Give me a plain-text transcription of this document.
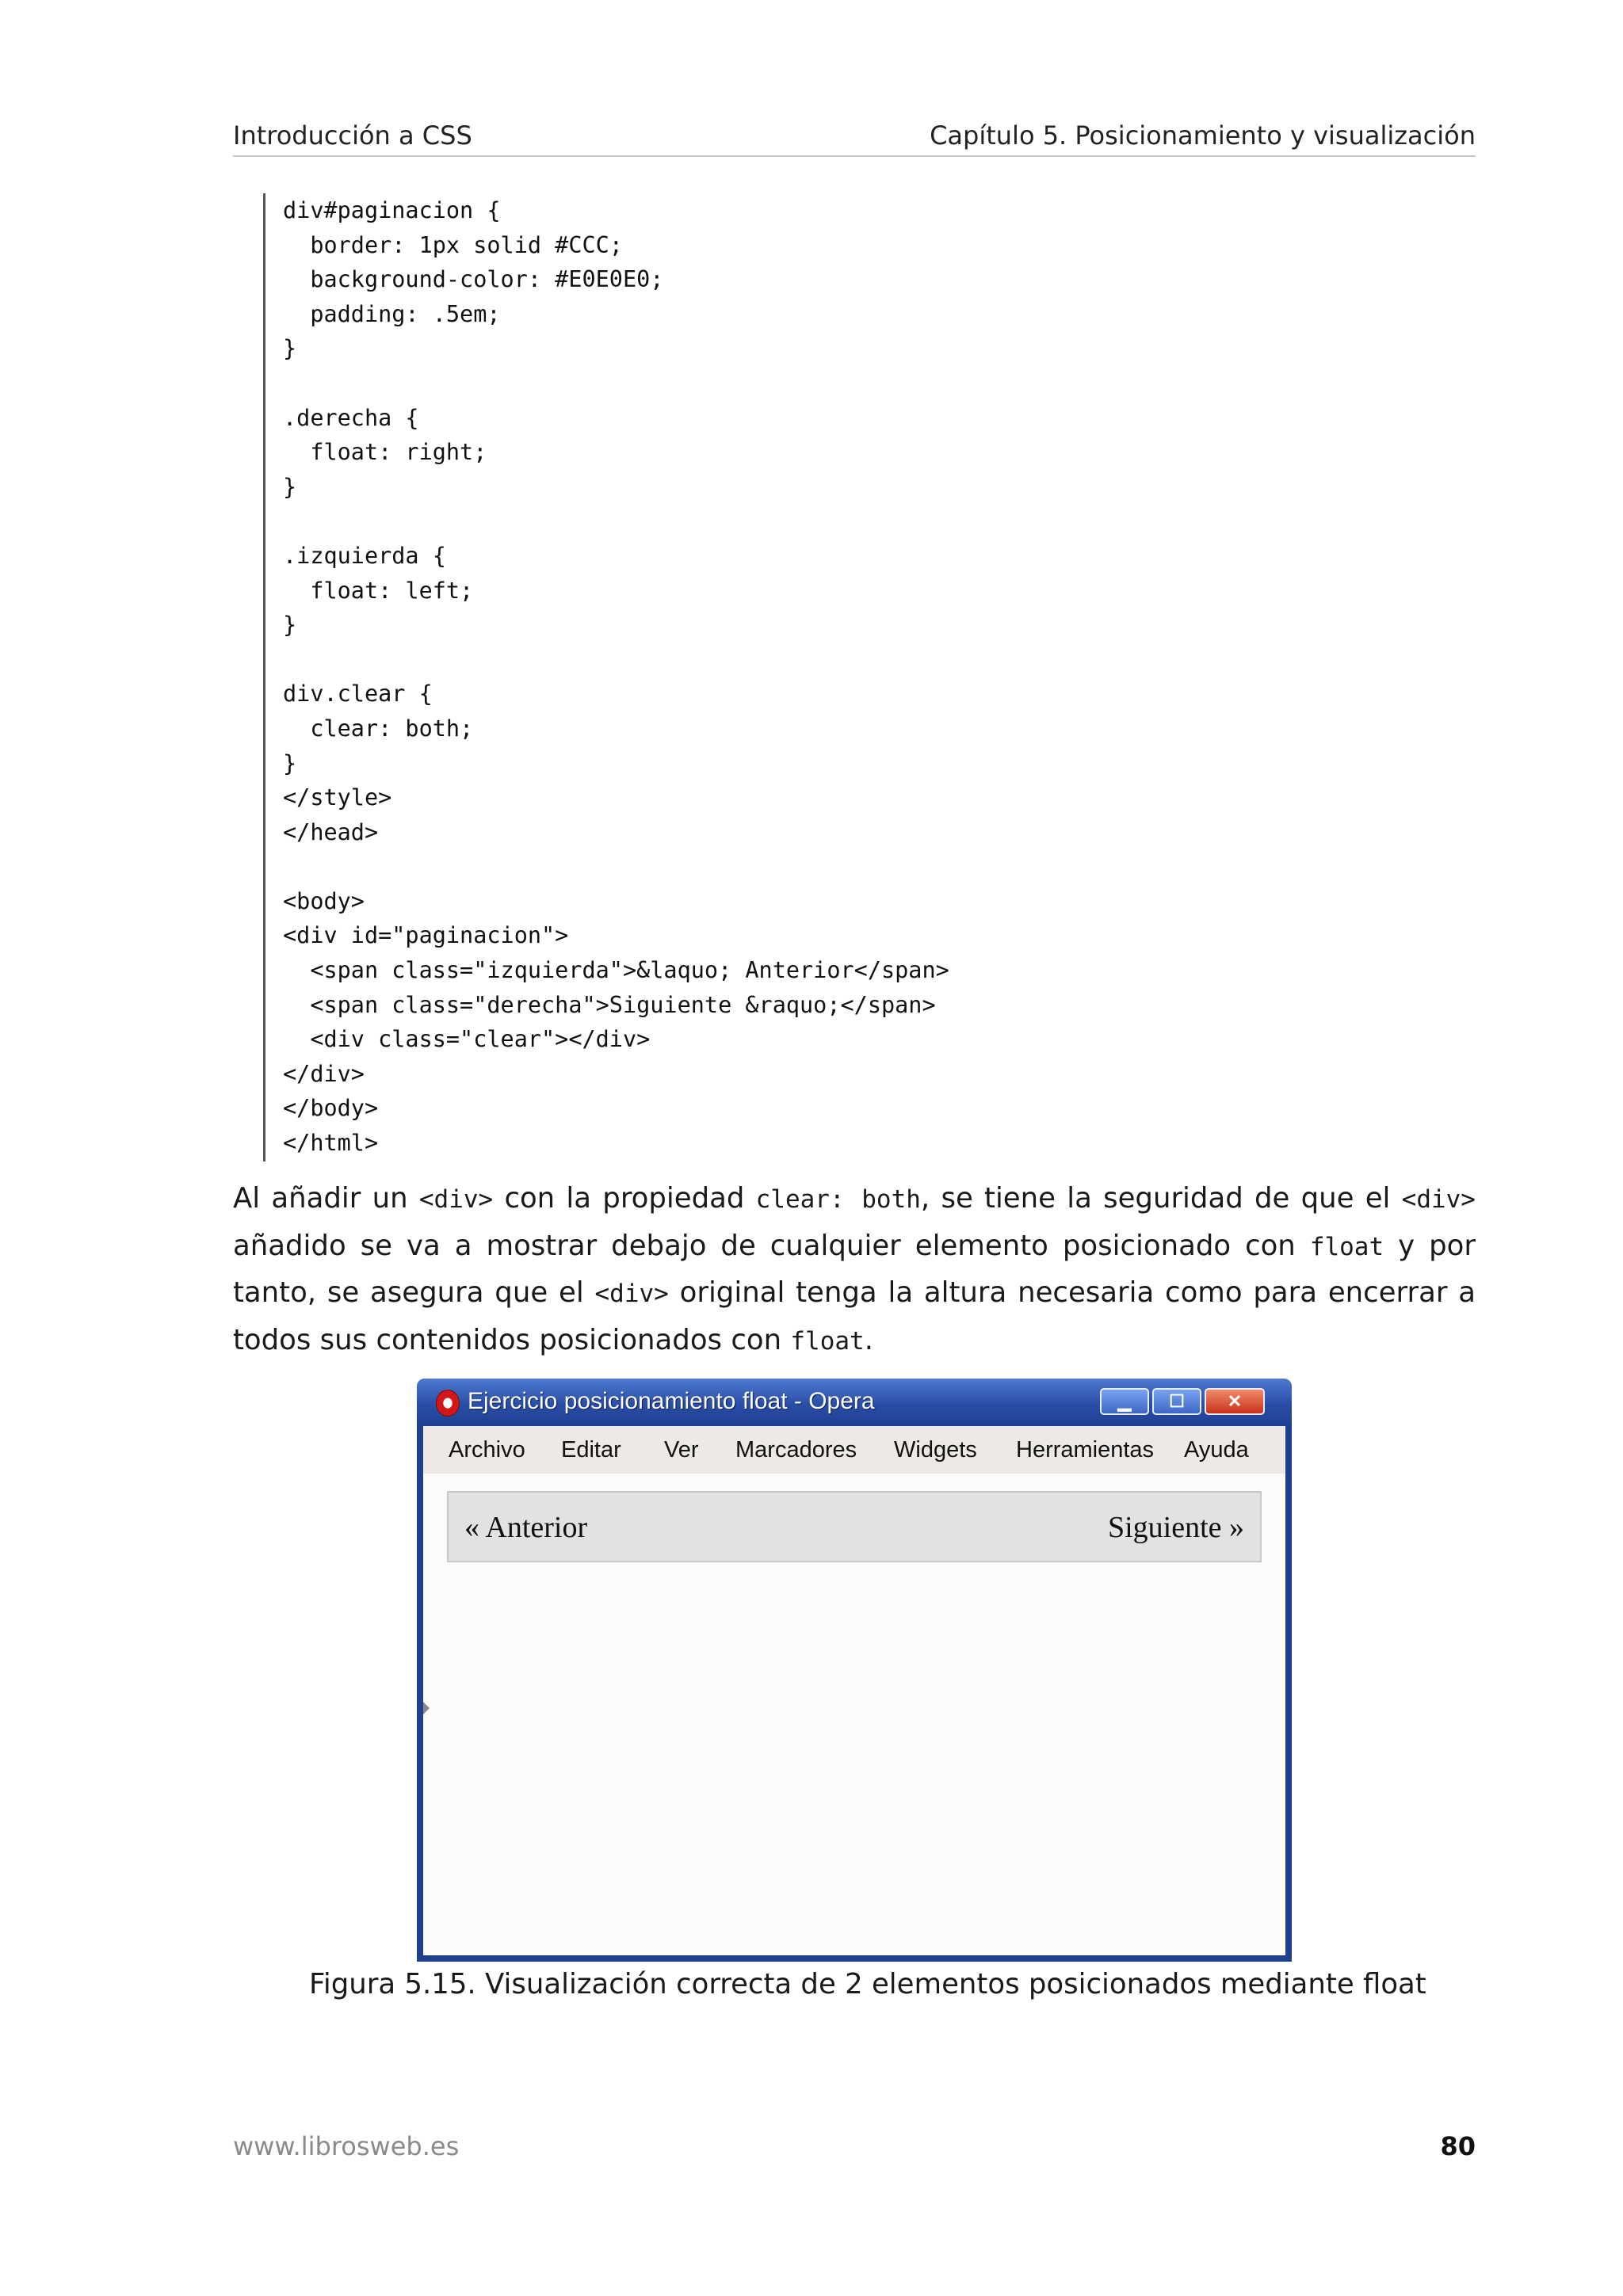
Introducción a CSS	Capítulo 5. Posicionamiento y visualización
div#paginacion {
border: 1px solid #CCC;
background-color: #E0E0E0;
padding: .5em;
}
.derecha {
float: right;
}
.izquierda {
float: left;
}
div.clear {
clear: both;
}
</style>
</head>
<body>
<div id="paginacion">
<span class="izquierda">&laquo; Anterior</span>
<span class="derecha">Siguiente &raquo;</span>
<div class="clear"></div>
</div>
</body>
</html>
Al añadir un <div> con la propiedad clear: both, se tiene la seguridad de que el <div> añadido se va a mostrar debajo de cualquier elemento posicionado con float y por tanto, se asegura que el <div> original tenga la altura necesaria como para encerrar a todos sus contenidos posicionados con float.
Ejercicio posicionamiento float - Opera	▁	☐	✕
Archivo Editar Ver Marcadores Widgets Herramientas Ayuda
« Anterior	Siguiente »
Figura 5.15. Visualización correcta de 2 elementos posicionados mediante float
www.librosweb.es	80
